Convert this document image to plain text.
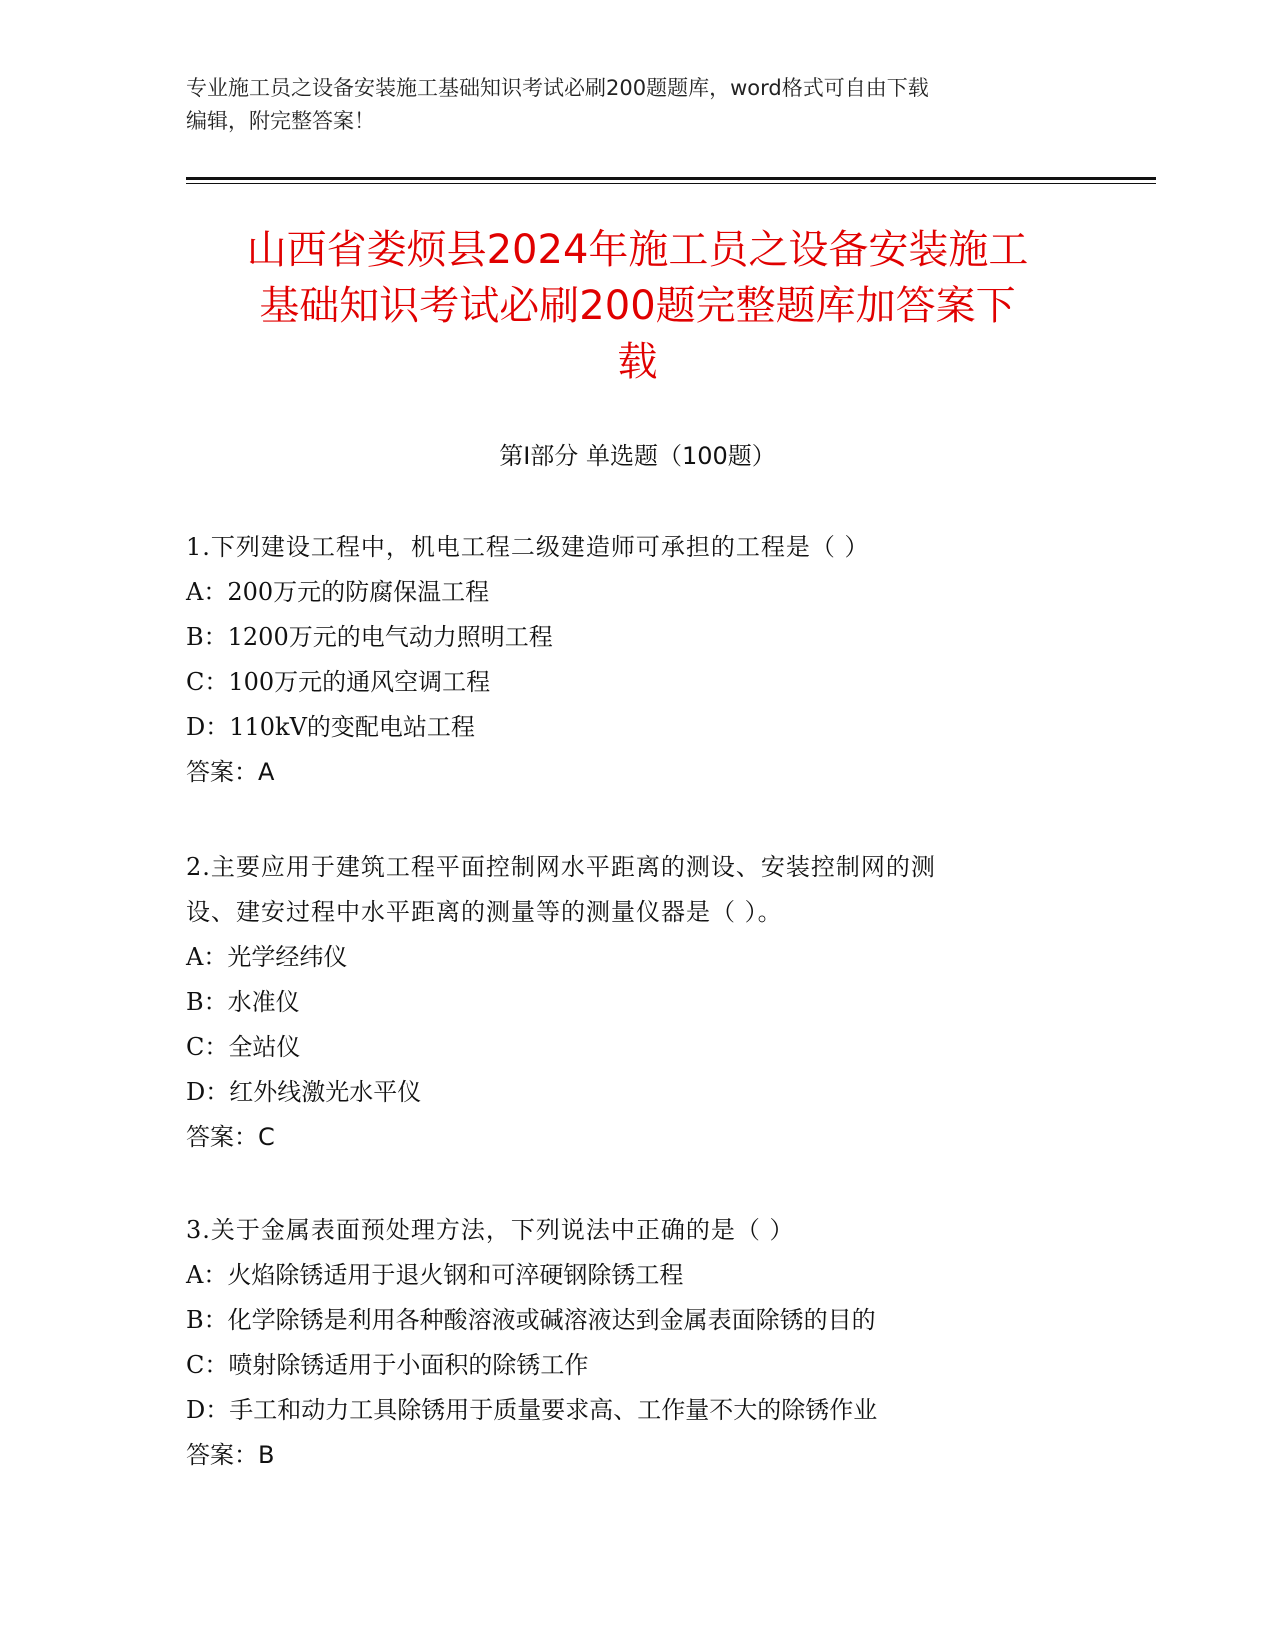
专业施工员之设备安装施工基础知识考试必刷200题题库，word格式可自由下载
编辑，附完整答案！
山西省娄烦县2024年施工员之设备安装施工
基础知识考试必刷200题完整题库加答案下
载
第Ⅰ部分 单选题（100题）
1.下列建设工程中，机电工程二级建造师可承担的工程是（ ）
A：200万元的防腐保温工程
B：1200万元的电气动力照明工程
C：100万元的通风空调工程
D：110kV的变配电站工程
答案：A
2.主要应用于建筑工程平面控制网水平距离的测设、安装控制网的测
设、建安过程中水平距离的测量等的测量仪器是（ ）。
A：光学经纬仪
B：水准仪
C：全站仪
D：红外线激光水平仪
答案：C
3.关于金属表面预处理方法，下列说法中正确的是（ ）
A：火焰除锈适用于退火钢和可淬硬钢除锈工程
B：化学除锈是利用各种酸溶液或碱溶液达到金属表面除锈的目的
C：喷射除锈适用于小面积的除锈工作
D：手工和动力工具除锈用于质量要求高、工作量不大的除锈作业
答案：B
